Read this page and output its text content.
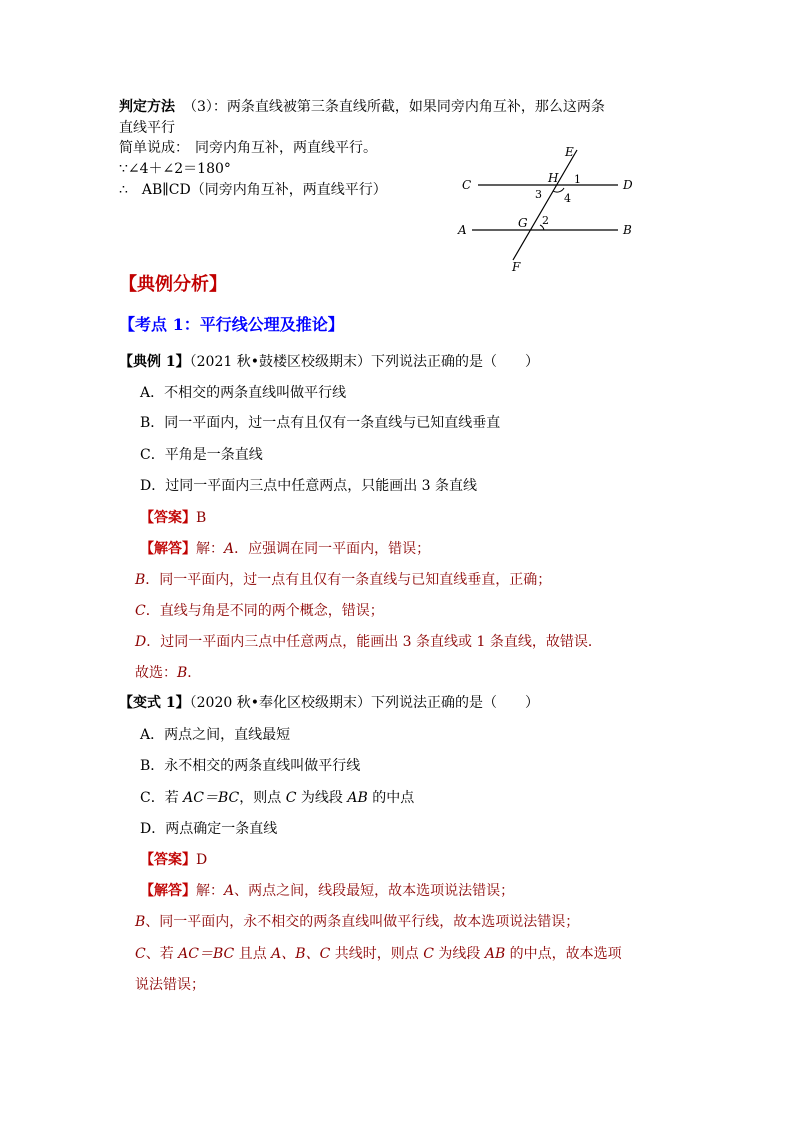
判定方法 （3）：两条直线被第三条直线所截，如果同旁内角互补，那么这两条
直线平行
简单说成： 同旁内角互补，两直线平行。
∵∠4＋∠2＝180°
∴　AB∥CD（同旁内角互补，两直线平行）
E
C	H 1	D
3 4
G 2
A	B
F
【典例分析】
【考点 1：平行线公理及推论】
【典例 1】（2021 秋•鼓楼区校级期末）下列说法正确的是（　　）
A．不相交的两条直线叫做平行线
B．同一平面内，过一点有且仅有一条直线与已知直线垂直
C．平角是一条直线
D．过同一平面内三点中任意两点，只能画出 3 条直线
【答案】B
【解答】解：A．应强调在同一平面内，错误；
B．同一平面内，过一点有且仅有一条直线与已知直线垂直，正确；
C．直线与角是不同的两个概念，错误；
D．过同一平面内三点中任意两点，能画出 3 条直线或 1 条直线，故错误．
故选：B．
【变式 1】（2020 秋•奉化区校级期末）下列说法正确的是（　　）
A．两点之间，直线最短
B．永不相交的两条直线叫做平行线
C．若 AC＝BC，则点 C 为线段 AB 的中点
D．两点确定一条直线
【答案】D
【解答】解：A、两点之间，线段最短，故本选项说法错误；
B、同一平面内，永不相交的两条直线叫做平行线，故本选项说法错误；
C、若 AC＝BC 且点 A、B、C 共线时，则点 C 为线段 AB 的中点，故本选项
说法错误；
